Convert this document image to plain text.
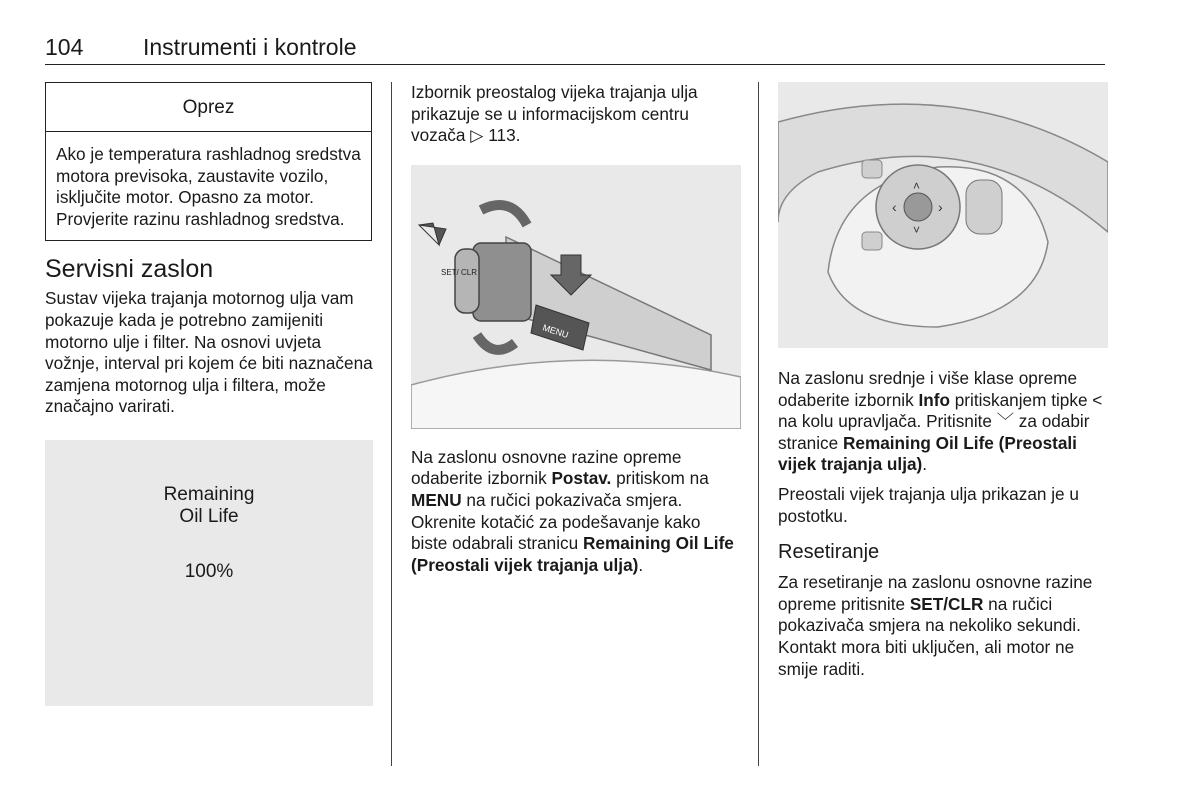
104	Instrumenti i kontrole
Oprez

Ako je temperatura rashladnog sredstva motora previsoka, zaustavite vozilo, isključite motor. Opasno za motor. Provjerite razinu rashladnog sredstva.

Servisni zaslon

Sustav vijeka trajanja motornog ulja vam pokazuje kada je potrebno zamijeniti motorno ulje i filter. Na osnovi uvjeta vožnje, interval pri kojem će biti naznačena zamjena motornog ulja i filtera, može značajno varirati.

Remaining
Oil Life
100%

Izbornik preostalog vijeka trajanja ulja prikazuje se u informacijskom centru vozača ▷ 113.

MENU
SET/ CLR

Na zaslonu osnovne razine opreme odaberite izbornik Postav. pritiskom na MENU na ručici pokazivača smjera. Okrenite kotačić za podešavanje kako biste odabrali stranicu Remaining Oil Life (Preostali vijek trajanja ulja).

‹	›
˄
˅

Na zaslonu srednje i više klase opreme odaberite izbornik Info pritiskanjem tipke < na kolu upravljača. Pritisnite ﹀ za odabir stranice Remaining Oil Life (Preostali vijek trajanja ulja).

Preostali vijek trajanja ulja prikazan je u postotku.

Resetiranje

Za resetiranje na zaslonu osnovne razine opreme pritisnite SET/CLR na ručici pokazivača smjera na nekoliko sekundi. Kontakt mora biti uključen, ali motor ne smije raditi.
